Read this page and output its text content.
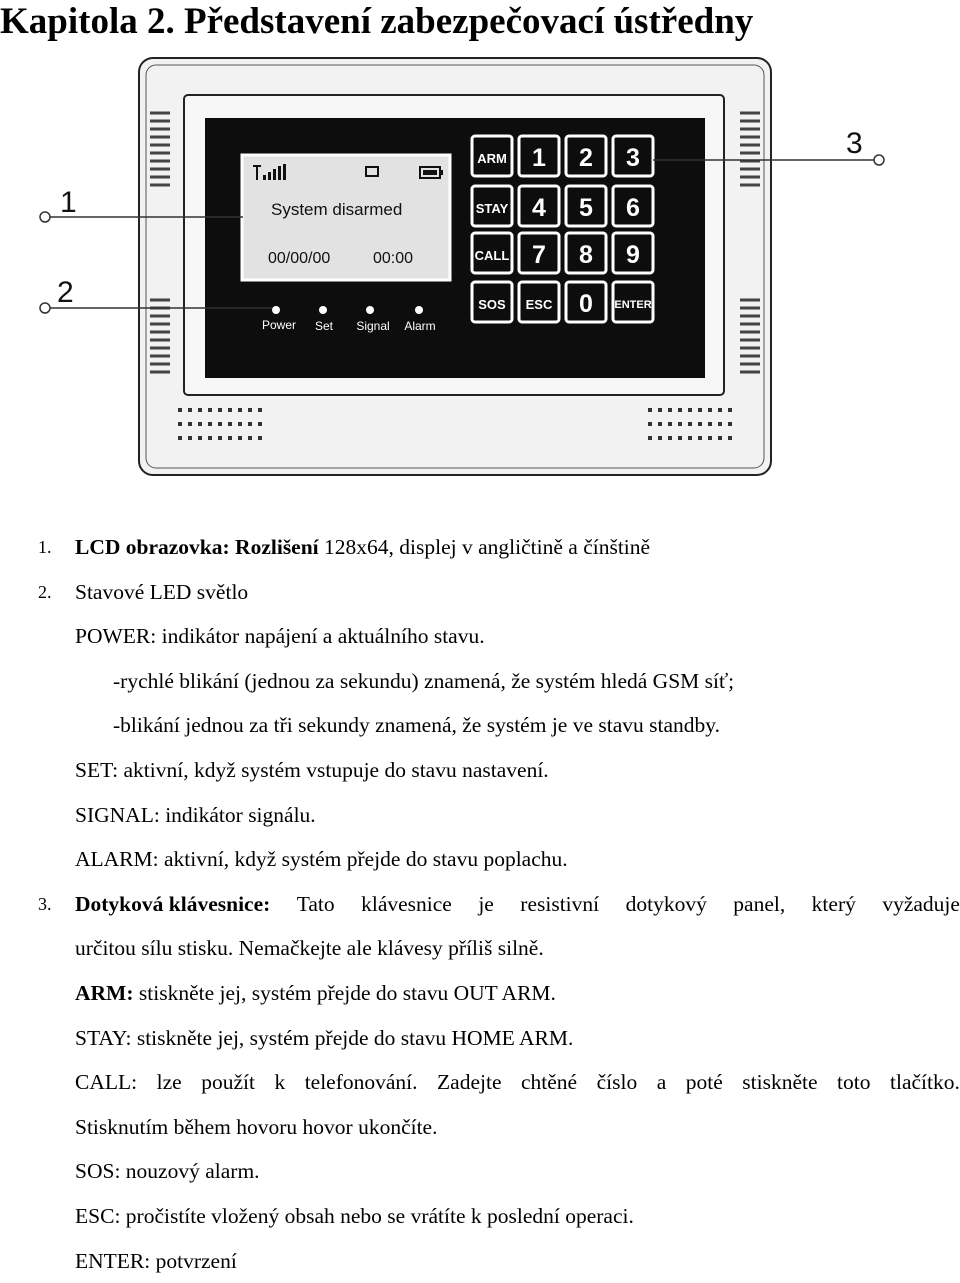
Kapitola 2. Představení zabezpečovací ústředny
System disarmed
00/00/00	00:00
Power Set Signal Alarm
ARM 1 2 3
STAY 4 5 6
CALL 7 8 9
SOS ESC 0 ENTER
1
2
3
1. LCD obrazovka: Rozlišení 128x64, displej v angličtině a čínštině
2. Stavové LED světlo
POWER: indikátor napájení a aktuálního stavu.
-rychlé blikání (jednou za sekundu) znamená, že systém hledá GSM síť;
-blikání jednou za tři sekundy znamená, že systém je ve stavu standby.
SET: aktivní, když systém vstupuje do stavu nastavení.
SIGNAL: indikátor signálu.
ALARM: aktivní, když systém přejde do stavu poplachu.
3. Dotyková klávesnice: Tato klávesnice je resistivní dotykový panel, který vyžaduje
určitou sílu stisku. Nemačkejte ale klávesy příliš silně.
ARM: stiskněte jej, systém přejde do stavu OUT ARM.
STAY: stiskněte jej, systém přejde do stavu HOME ARM.
CALL: lze použít k telefonování. Zadejte chtěné číslo a poté stiskněte toto tlačítko.
Stisknutím během hovoru hovor ukončíte.
SOS: nouzový alarm.
ESC: pročistíte vložený obsah nebo se vrátíte k poslední operaci.
ENTER: potvrzení
